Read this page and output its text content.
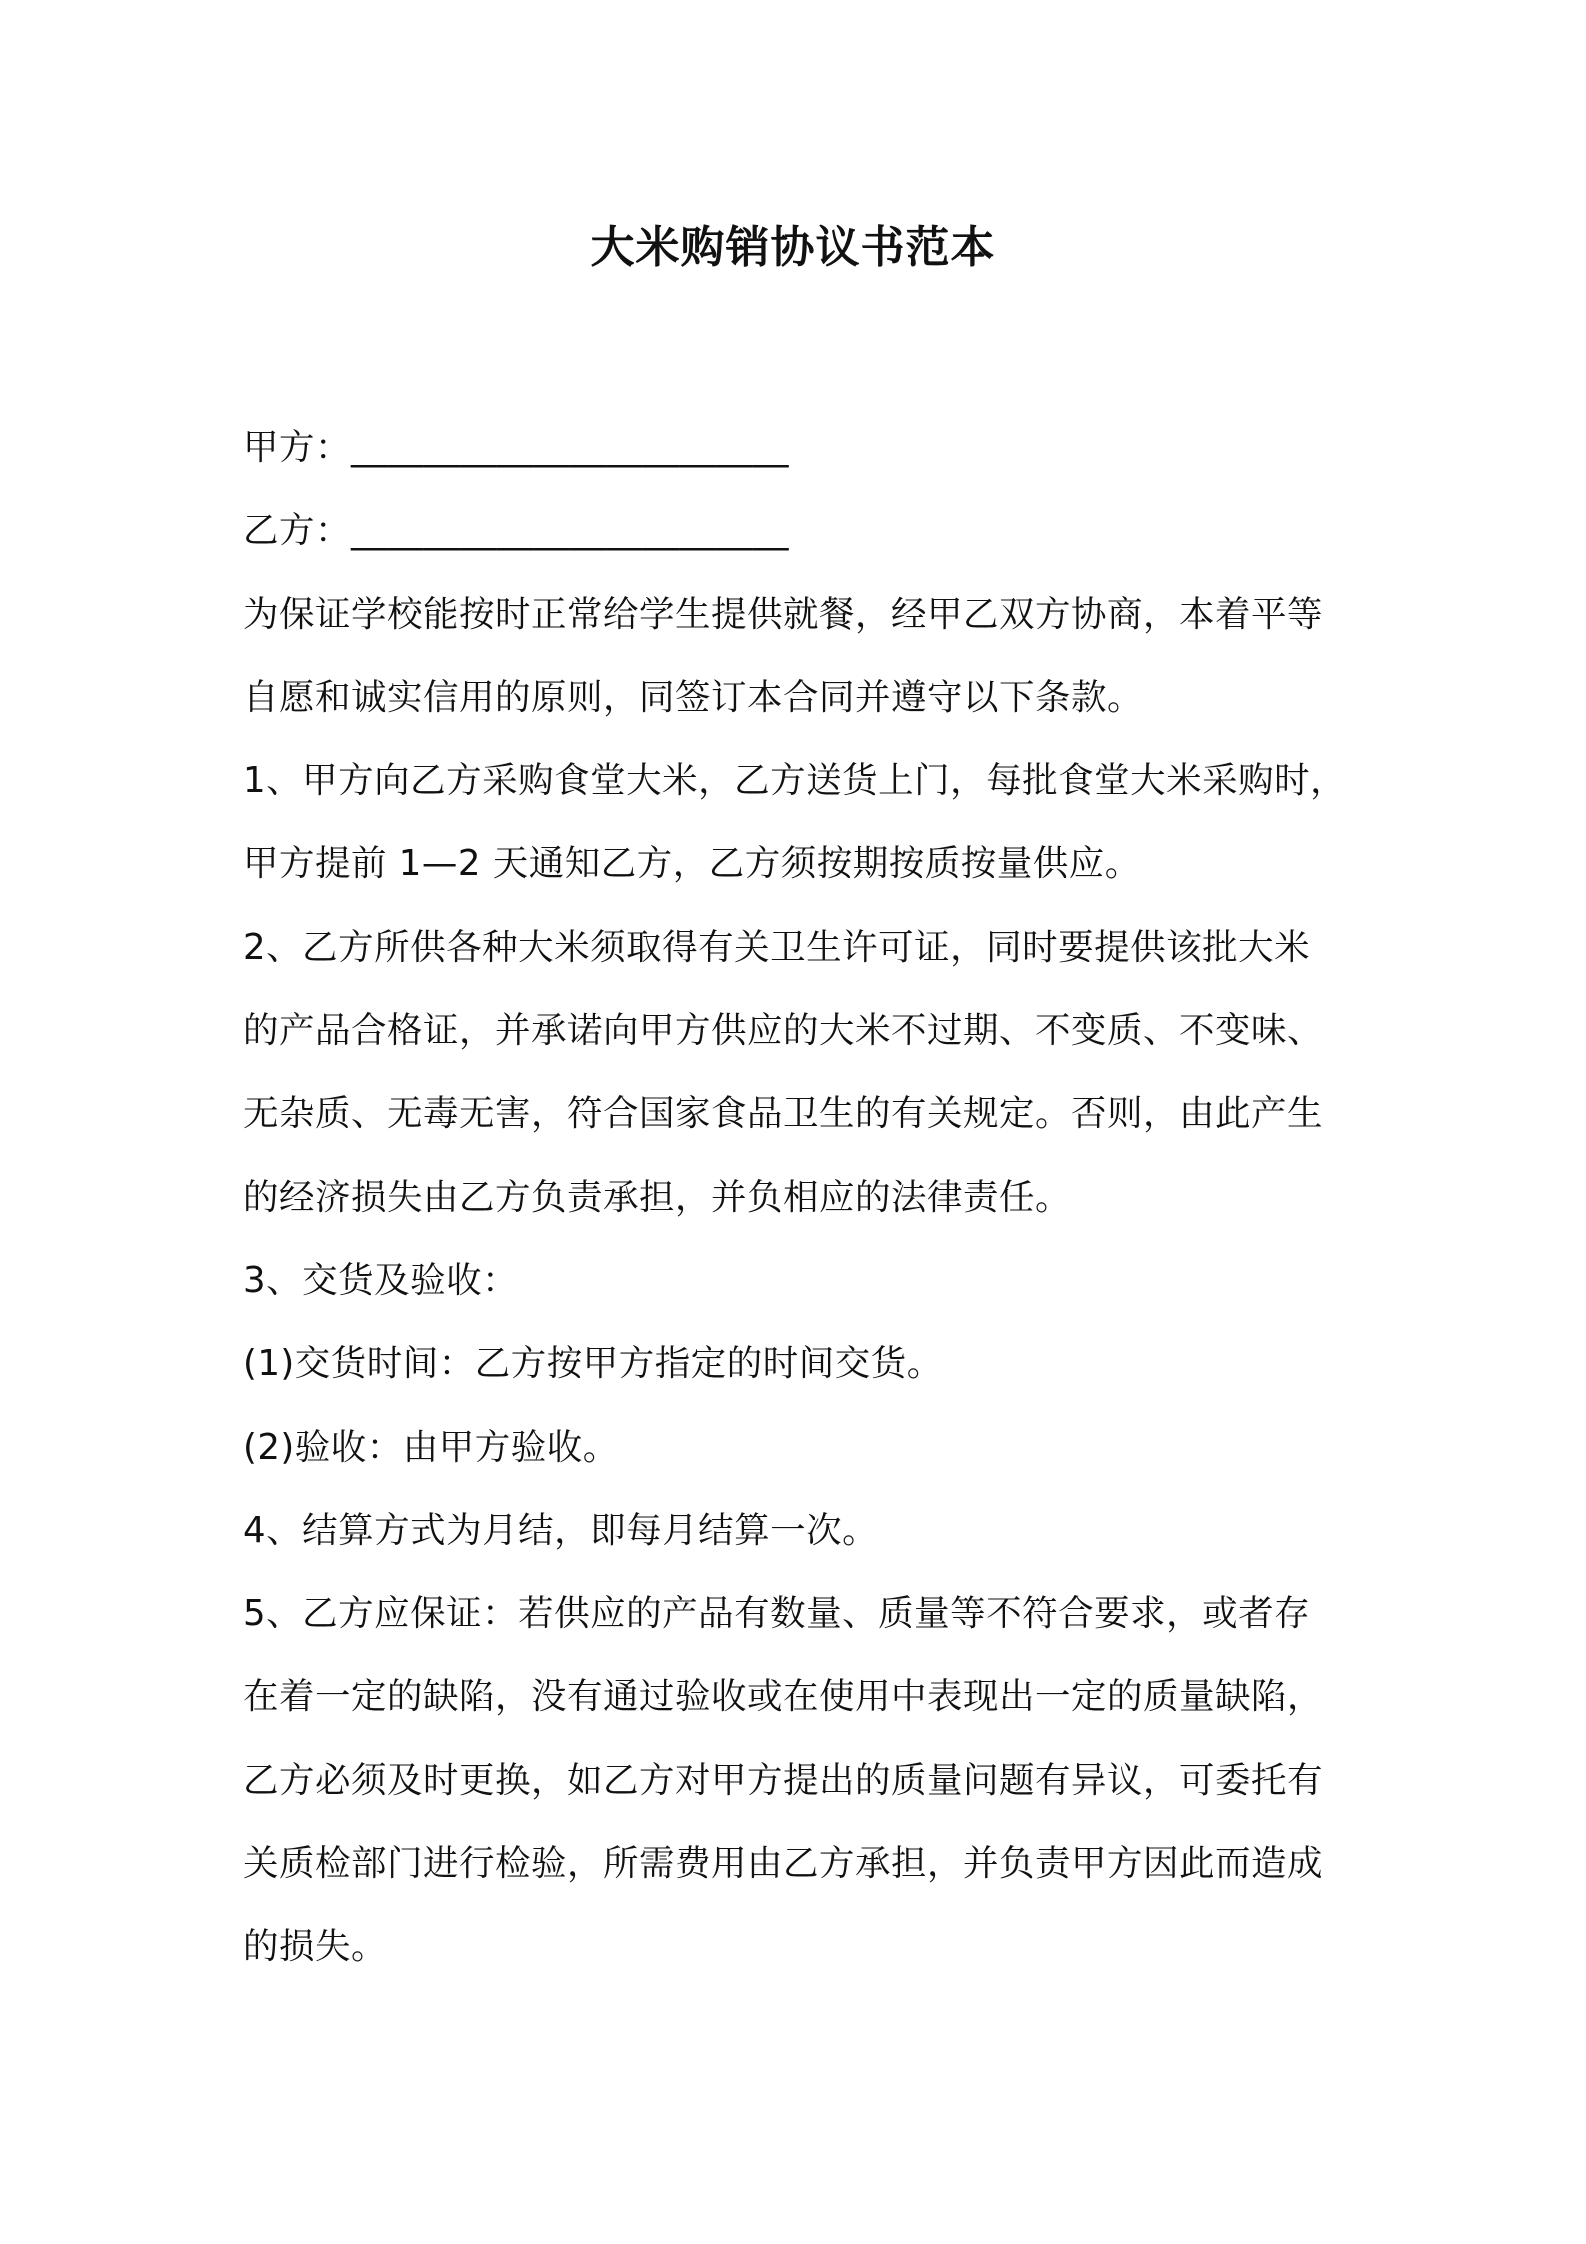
大米购销协议书范本
甲方：________________________
乙方：________________________
为保证学校能按时正常给学生提供就餐，经甲乙双方协商，本着平等
自愿和诚实信用的原则，同签订本合同并遵守以下条款。
1、甲方向乙方采购食堂大米，乙方送货上门，每批食堂大米采购时，
甲方提前 1—2 天通知乙方，乙方须按期按质按量供应。
2、乙方所供各种大米须取得有关卫生许可证，同时要提供该批大米
的产品合格证，并承诺向甲方供应的大米不过期、不变质、不变味、
无杂质、无毒无害，符合国家食品卫生的有关规定。否则，由此产生
的经济损失由乙方负责承担，并负相应的法律责任。
3、交货及验收：
(1)交货时间：乙方按甲方指定的时间交货。
(2)验收：由甲方验收。
4、结算方式为月结，即每月结算一次。
5、乙方应保证：若供应的产品有数量、质量等不符合要求，或者存
在着一定的缺陷，没有通过验收或在使用中表现出一定的质量缺陷，
乙方必须及时更换，如乙方对甲方提出的质量问题有异议，可委托有
关质检部门进行检验，所需费用由乙方承担，并负责甲方因此而造成
的损失。
